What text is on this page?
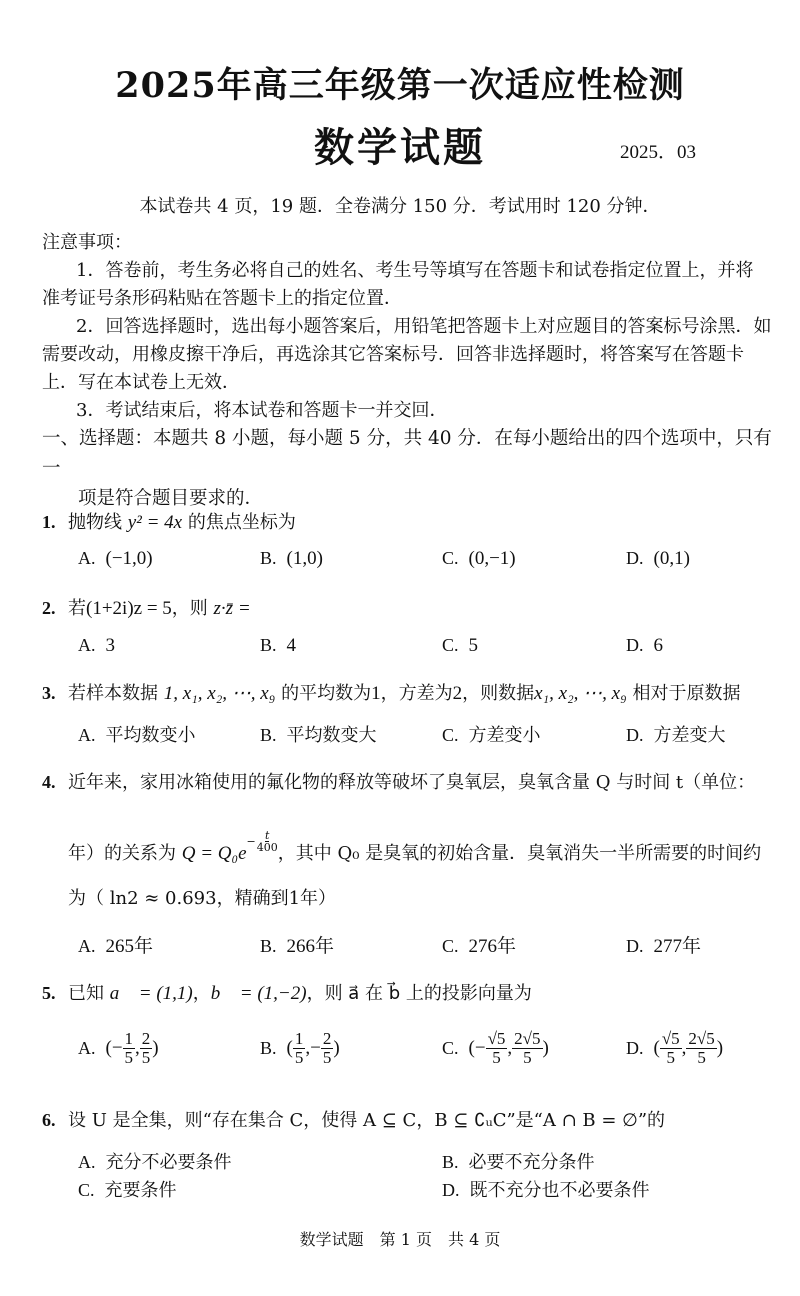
2025年高三年级第一次适应性检测
数学试题	2025．03
本试卷共 4 页，19 题．全卷满分 150 分．考试用时 120 分钟．
注意事项：
1．答卷前，考生务必将自己的姓名、考生号等填写在答题卡和试卷指定位置上，并将
准考证号条形码粘贴在答题卡上的指定位置．
2．回答选择题时，选出每小题答案后，用铅笔把答题卡上对应题目的答案标号涂黑．如
需要改动，用橡皮擦干净后，再选涂其它答案标号．回答非选择题时，将答案写在答题卡
上．写在本试卷上无效．
3．考试结束后，将本试卷和答题卡一并交回．
一、选择题：本题共 8 小题，每小题 5 分，共 40 分．在每小题给出的四个选项中，只有一
项是符合题目要求的．
1. 抛物线 y² = 4x 的焦点坐标为
A. (−1,0)	B. (1,0)	C. (0,−1)	D. (0,1)
2. 若(1+2i)z = 5，则 z·z̄ =
A. 3	B. 4	C. 5	D. 6
3. 若样本数据 1, x₁, x₂, ⋯, x₉ 的平均数为1，方差为2，则数据x₁, x₂, ⋯, x₉ 相对于原数据
A. 平均数变小	B. 平均数变大	C. 方差变小	D. 方差变大
4. 近年来，家用冰箱使用的氟化物的释放等破坏了臭氧层，臭氧含量 Q 与时间 t（单位：
年）的关系为 Q = Q₀e
− $\frac{t}{400}$
，其中 Q₀ 是臭氧的初始含量．臭氧消失一半所需要的时间约
为（ ln2 ≈ 0.693，精确到1年）
A. 265年	B. 266年	C. 276年	D. 277年
5. 已知 a⃗ = (1,1)，b⃗ = (1,−2)，则 a⃗ 在 b⃗ 上的投影向量为
A. (− $\frac{1}{5}$ , $\frac{2}{5}$ )	B. ( $\frac{1}{5}$ ,− $\frac{2}{5}$ )	C. (− $\frac{√5}{5}$ , $\frac{2√5}{5}$ )	D. ( $\frac{√5}{5}$ , $\frac{2√5}{5}$ )
6. 设 U 是全集，则“存在集合 C，使得 A ⊆ C，B ⊆ ∁ᵤC”是“A ∩ B = ∅”的
A. 充分不必要条件	B. 必要不充分条件
C. 充要条件	D. 既不充分也不必要条件
数学试题　第 1 页　共 4 页
